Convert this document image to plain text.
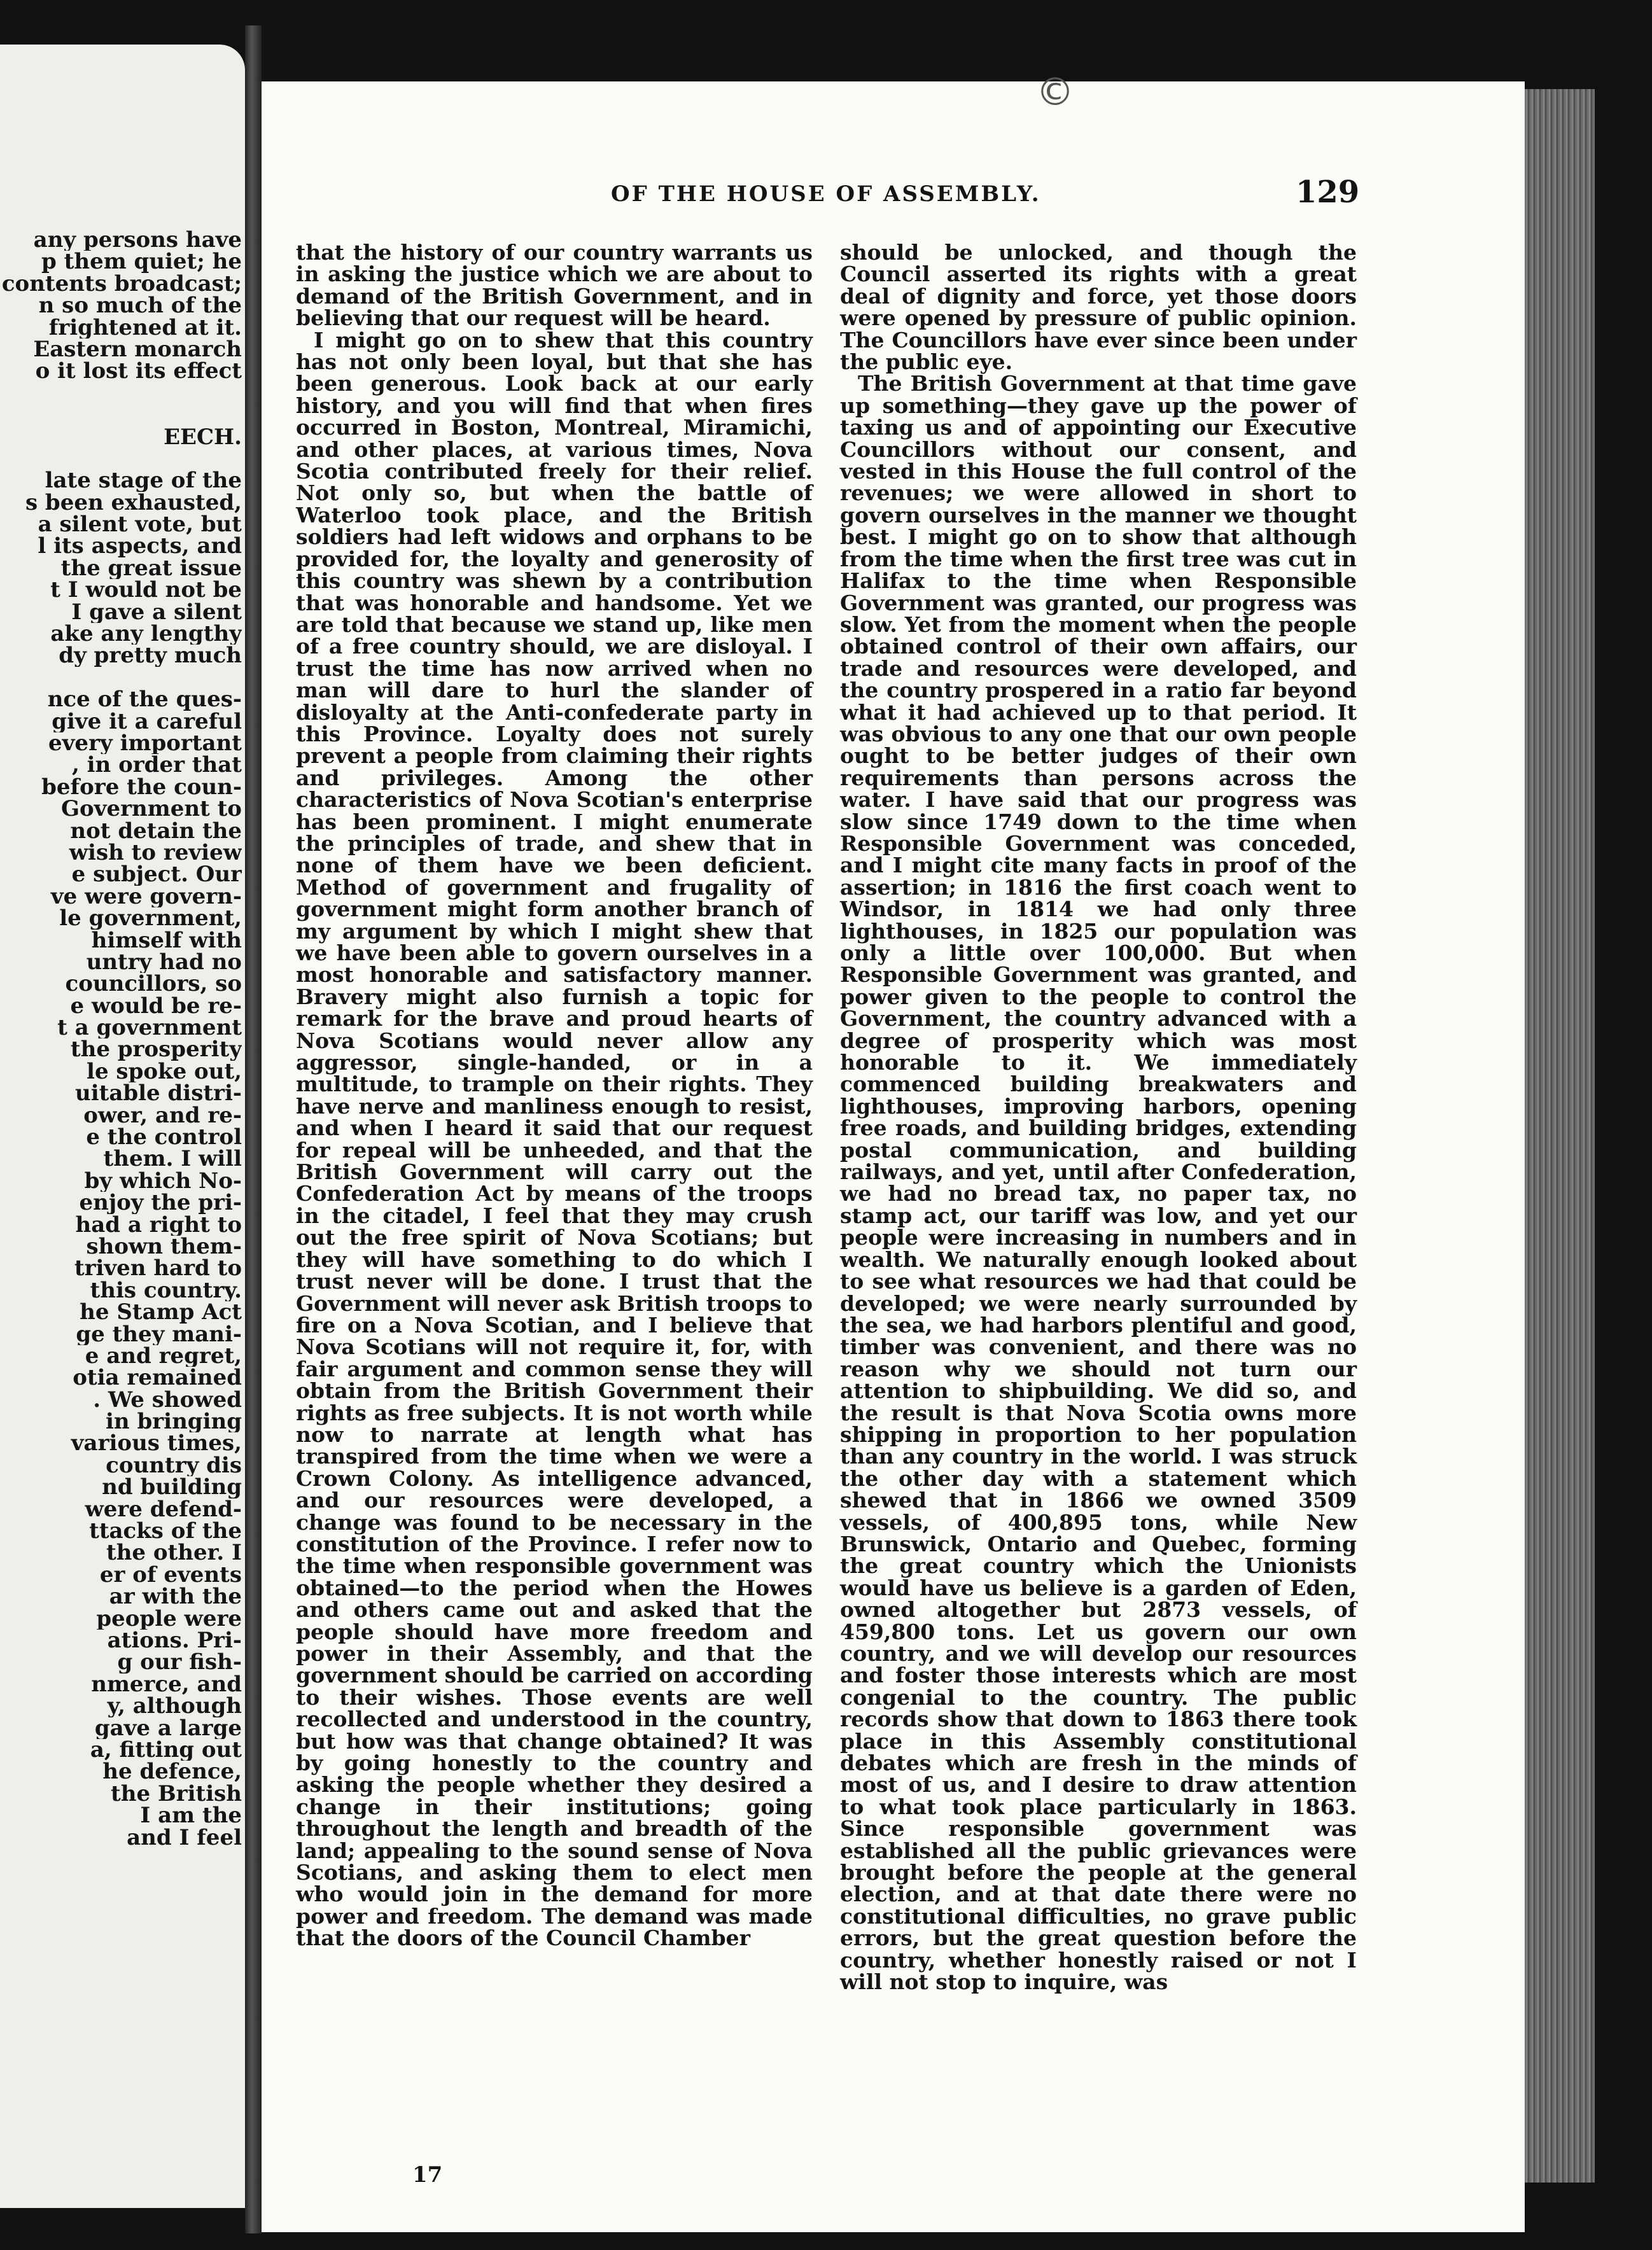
any persons have
p them quiet; he
contents broadcast;
n so much of the
frightened at it.
Eastern monarch
o it lost its effect
EECH.
late stage of the
s been exhausted,
a silent vote, but
l its aspects, and
the great issue
t I would not be
I gave a silent
ake any lengthy
dy pretty much
nce of the ques-
give it a careful
every important
, in order that
before the coun-
Government to
not detain the
wish to review
e subject. Our
ve were govern-
le government,
himself with
untry had no
councillors, so
e would be re-
t a government
the prosperity
le spoke out,
uitable distri-
ower, and re-
e the control
them. I will
by which No-
enjoy the pri-
had a right to
shown them-
triven hard to
this country.
he Stamp Act
ge they mani-
e and regret,
otia remained
. We showed
in bringing
various times,
country dis
nd building
were defend-
ttacks of the
the other. I
er of events
ar with the
people were
ations. Pri-
g our fish-
nmerce, and
y, although
gave a large
a, fitting out
he defence,
the British
I am the
and I feel
©
OF THE HOUSE OF ASSEMBLY.	129

that the history of our country warrants us in asking the justice which we are about to demand of the British Government, and in believing that our request will be heard.

I might go on to shew that this country has not only been loyal, but that she has been generous. Look back at our early history, and you will find that when fires occurred in Boston, Montreal, Miramichi, and other places, at various times, Nova Scotia contributed freely for their relief. Not only so, but when the battle of Waterloo took place, and the British soldiers had left widows and orphans to be provided for, the loyalty and generosity of this country was shewn by a contribution that was honorable and handsome. Yet we are told that because we stand up, like men of a free country should, we are disloyal. I trust the time has now arrived when no man will dare to hurl the slander of disloyalty at the Anti-confederate party in this Province. Loyalty does not surely prevent a people from claiming their rights and privileges. Among the other characteristics of Nova Scotian's enterprise has been prominent. I might enumerate the principles of trade, and shew that in none of them have we been deficient. Method of government and frugality of government might form another branch of my argument by which I might shew that we have been able to govern ourselves in a most honorable and satisfactory manner. Bravery might also furnish a topic for remark for the brave and proud hearts of Nova Scotians would never allow any aggressor, single-handed, or in a multitude, to trample on their rights. They have nerve and manliness enough to resist, and when I heard it said that our request for repeal will be unheeded, and that the British Government will carry out the Confederation Act by means of the troops in the citadel, I feel that they may crush out the free spirit of Nova Scotians; but they will have something to do which I trust never will be done. I trust that the Government will never ask British troops to fire on a Nova Scotian, and I believe that Nova Scotians will not require it, for, with fair argument and common sense they will obtain from the British Government their rights as free subjects. It is not worth while now to narrate at length what has transpired from the time when we were a Crown Colony. As intelligence advanced, and our resources were developed, a change was found to be necessary in the constitution of the Province. I refer now to the time when responsible government was obtained—to the period when the Howes and others came out and asked that the people should have more freedom and power in their Assembly, and that the government should be carried on according to their wishes. Those events are well recollected and understood in the country, but how was that change obtained? It was by going honestly to the country and asking the people whether they desired a change in their institutions; going throughout the length and breadth of the land; appealing to the sound sense of Nova Scotians, and asking them to elect men who would join in the demand for more power and freedom. The demand was made that the doors of the Council Chamber

should be unlocked, and though the Council asserted its rights with a great deal of dignity and force, yet those doors were opened by pressure of public opinion. The Councillors have ever since been under the public eye.

The British Government at that time gave up something—they gave up the power of taxing us and of appointing our Executive Councillors without our consent, and vested in this House the full control of the revenues; we were allowed in short to govern ourselves in the manner we thought best. I might go on to show that although from the time when the first tree was cut in Halifax to the time when Responsible Government was granted, our progress was slow. Yet from the moment when the people obtained control of their own affairs, our trade and resources were developed, and the country prospered in a ratio far beyond what it had achieved up to that period. It was obvious to any one that our own people ought to be better judges of their own requirements than persons across the water. I have said that our progress was slow since 1749 down to the time when Responsible Government was conceded, and I might cite many facts in proof of the assertion; in 1816 the first coach went to Windsor, in 1814 we had only three lighthouses, in 1825 our population was only a little over 100,000. But when Responsible Government was granted, and power given to the people to control the Government, the country advanced with a degree of prosperity which was most honorable to it. We immediately commenced building breakwaters and lighthouses, improving harbors, opening free roads, and building bridges, extending postal communication, and building railways, and yet, until after Confederation, we had no bread tax, no paper tax, no stamp act, our tariff was low, and yet our people were increasing in numbers and in wealth. We naturally enough looked about to see what resources we had that could be developed; we were nearly surrounded by the sea, we had harbors plentiful and good, timber was convenient, and there was no reason why we should not turn our attention to shipbuilding. We did so, and the result is that Nova Scotia owns more shipping in proportion to her population than any country in the world. I was struck the other day with a statement which shewed that in 1866 we owned 3509 vessels, of 400,895 tons, while New Brunswick, Ontario and Quebec, forming the great country which the Unionists would have us believe is a garden of Eden, owned altogether but 2873 vessels, of 459,800 tons. Let us govern our own country, and we will develop our resources and foster those interests which are most congenial to the country. The public records show that down to 1863 there took place in this Assembly constitutional debates which are fresh in the minds of most of us, and I desire to draw attention to what took place particularly in 1863. Since responsible government was established all the public grievances were brought before the people at the general election, and at that date there were no constitutional difficulties, no grave public errors, but the great question before the country, whether honestly raised or not I will not stop to inquire, was

17
